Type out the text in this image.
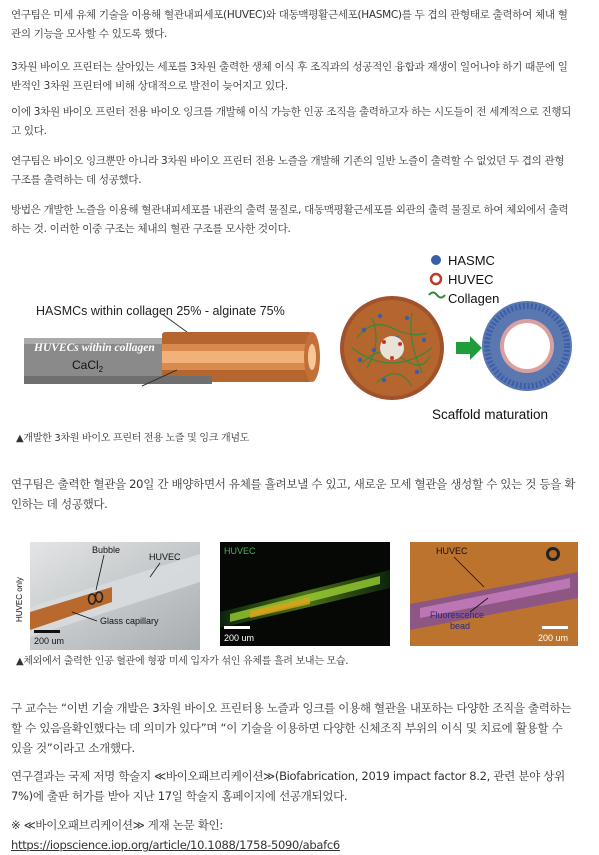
연구팀은 미세 유체 기술을 이용해 혈관내피세포(HUVEC)와 대동맥평활근세포(HASMC)를 두 겹의 관형태로 출력하여 체내 혈관의 기능을 모사할 수 있도록 했다.

3차원 바이오 프린터는 살아있는 세포를 3차원 출력한 생체 이식 후 조직과의 성공적인 융합과 재생이 일어나야 하기 때문에 일반적인 3차원 프린터에 비해 상대적으로 발전이 늦어지고 있다.

이에 3차원 바이오 프린터 전용 바이오 잉크를 개발해 이식 가능한 인공 조직을 출력하고자 하는 시도들이 전 세계적으로 진행되고 있다.

연구팀은 바이오 잉크뿐만 아니라 3차원 바이오 프린터 전용 노즐을 개발해 기존의 일반 노즐이 출력할 수 없었던 두 겹의 관형 구조를 출력하는 데 성공했다.

방법은 개발한 노즐을 이용해 혈관내피세포를 내관의 출력 물질로, 대동맥평활근세포를 외관의 출력 물질로 하여 체외에서 출력하는 것. 이러한 이중 구조는 체내의 혈관 구조를 모사한 것이다.

HASMCs within collagen 25% - alginate 75%
HUVECs within collagen
CaCl$_2$
Scaffold maturation
HASMC
HUVEC
Collagen
▲개발한 3차원 바이오 프린터 전용 노즐 및 잉크 개념도

연구팀은 출력한 혈관을 20일 간 배양하면서 유체를 흘려보낼 수 있고, 새로운 모세 혈관을 생성할 수 있는 것 등을 확인하는 데 성공했다.

Bubble
HUVEC
Glass capillary
200 um
HUVEC only
HUVEC
200 um
HUVEC
Fluorescence
bead
200 um
▲체외에서 출력한 인공 혈관에 형광 미세 입자가 섞인 유체를 흘려 보내는 모습.

구 교수는 “이번 기술 개발은 3차원 바이오 프린터용 노즐과 잉크를 이용해 혈관을 내포하는 다양한 조직을 출력하는 할 수 있음을확인했다는 데 의미가 있다”며 “이 기술을 이용하면 다양한 신체조직 부위의 이식 및 치료에 활용할 수 있을 것”이라고 소개했다.

연구결과는 국제 저명 학술지 ≪바이오패브리케이션≫(Biofabrication, 2019 impact factor 8.2, 관련 분야 상위 7%)에 출판 허가를 받아 지난 17일 학술지 홈페이지에 선공개되었다.

※ ≪바이오패브리케이션≫ 게재 논문 확인:

https://iopscience.iop.org/article/10.1088/1758-5090/abafc6
